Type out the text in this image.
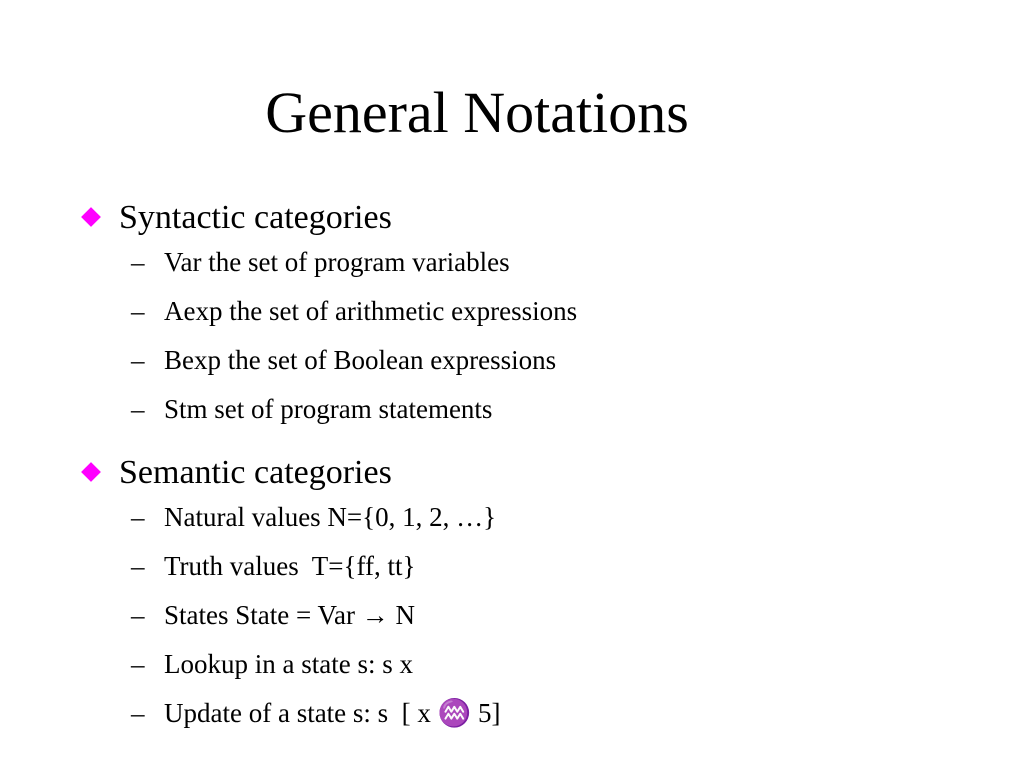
General Notations
Syntactic categories
– Var the set of program variables
– Aexp the set of arithmetic expressions
– Bexp the set of Boolean expressions
– Stm set of program statements
Semantic categories
– Natural values N={0, 1, 2, …}
– Truth values  T={ff, tt}
– States State = Var → N
– Lookup in a state s: s x
– Update of a state s: s  [ x ♒ 5]
